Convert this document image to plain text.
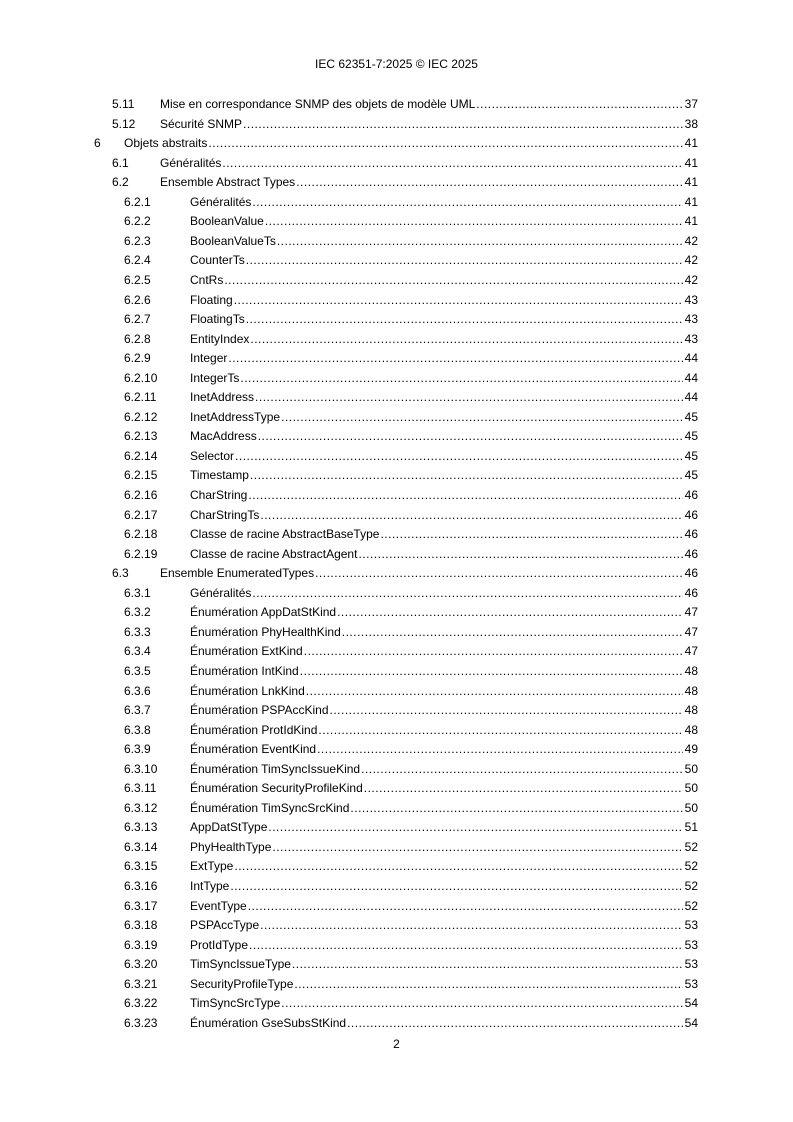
IEC 62351-7:2025 © IEC 2025
5.11 Mise en correspondance SNMP des objets de modèle UML .....	37
5.12 Sécurité SNMP .....	38
6 Objets abstraits .....	41
6.1	Généralités .....	41
6.2	Ensemble Abstract Types .....	41
6.2.1	Généralités .....	41
6.2.2	BooleanValue .....	41
6.2.3	BooleanValueTs .....	42
6.2.4	CounterTs .....	42
6.2.5	CntRs .....	42
6.2.6	Floating .....	43
6.2.7	FloatingTs .....	43
6.2.8	EntityIndex .....	43
6.2.9	Integer .....	44
6.2.10	IntegerTs .....	44
6.2.11	InetAddress .....	44
6.2.12	InetAddressType .....	45
6.2.13	MacAddress .....	45
6.2.14	Selector .....	45
6.2.15	Timestamp .....	45
6.2.16	CharString .....	46
6.2.17	CharStringTs .....	46
6.2.18	Classe de racine AbstractBaseType .....	46
6.2.19	Classe de racine AbstractAgent .....	46
6.3	Ensemble EnumeratedTypes .....	46
6.3.1	Généralités .....	46
6.3.2	Énumération AppDatStKind .....	47
6.3.3	Énumération PhyHealthKind .....	47
6.3.4	Énumération ExtKind .....	47
6.3.5	Énumération IntKind .....	48
6.3.6	Énumération LnkKind .....	48
6.3.7	Énumération PSPAccKind .....	48
6.3.8	Énumération ProtIdKind .....	48
6.3.9	Énumération EventKind .....	49
6.3.10	Énumération TimSyncIssueKind .....	50
6.3.11	Énumération SecurityProfileKind .....	50
6.3.12	Énumération TimSyncSrcKind .....	50
6.3.13	AppDatStType .....	51
6.3.14	PhyHealthType .....	52
6.3.15	ExtType .....	52
6.3.16	IntType .....	52
6.3.17	EventType .....	52
6.3.18	PSPAccType .....	53
6.3.19	ProtIdType .....	53
6.3.20	TimSyncIssueType .....	53
6.3.21	SecurityProfileType .....	53
6.3.22	TimSyncSrcType .....	54
6.3.23	Énumération GseSubsStKind .....	54
2
